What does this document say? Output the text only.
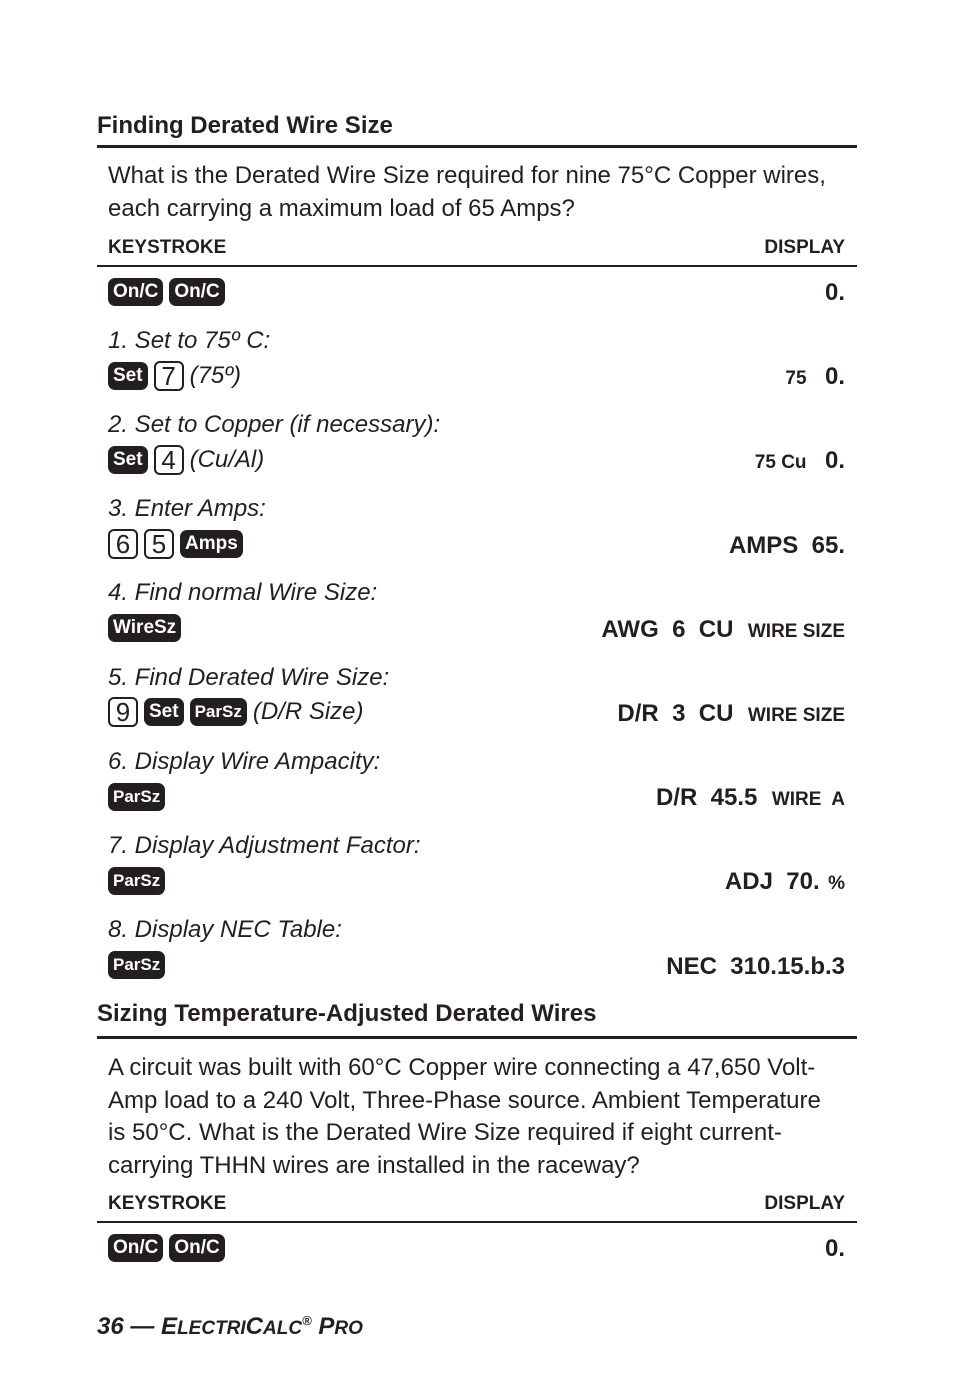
Finding Derated Wire Size
What is the Derated Wire Size required for nine 75°C Copper wires, each carrying a maximum load of 65 Amps?
KEYSTROKE	DISPLAY
On/C On/C	0.
1. Set to 75º C:
Set 7 (75º)	75 0.
2. Set to Copper (if necessary):
Set 4 (Cu/Al)	75 Cu 0.
3. Enter Amps:
6 5 Amps	AMPS  65.
4. Find normal Wire Size:
WireSz	AWG  6  CU WIRE SIZE
5. Find Derated Wire Size:
9 Set ParSz (D/R Size)	D/R  3  CU WIRE SIZE
6. Display Wire Ampacity:
ParSz	D/R  45.5 WIRE  A
7. Display Adjustment Factor:
ParSz	ADJ  70. %
8. Display NEC Table:
ParSz	NEC  310.15.b.3
Sizing Temperature-Adjusted Derated Wires
A circuit was built with 60°C Copper wire connecting a 47,650 Volt-
Amp load to a 240 Volt, Three-Phase source. Ambient Temperature
is 50°C. What is the Derated Wire Size required if eight current-
carrying THHN wires are installed in the raceway?
KEYSTROKE	DISPLAY
On/C On/C	0.
36 — ELECTRICALC® PRO
